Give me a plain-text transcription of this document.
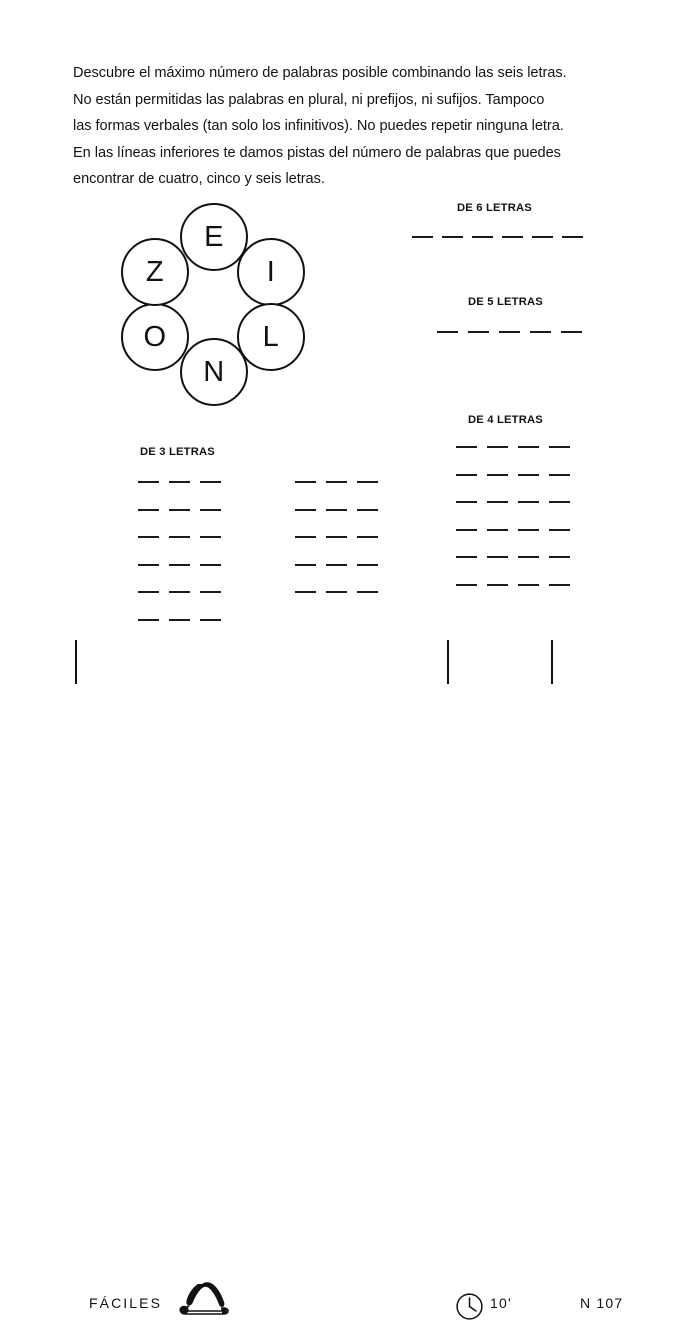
Descubre el máximo número de palabras posible combinando las seis letras.

No están permitidas las palabras en plural, ni prefijos, ni sufijos. Tampoco

las formas verbales (tan solo los infinitivos). No puedes repetir ninguna letra.

En las líneas inferiores te damos pistas del número de palabras que puedes

encontrar de cuatro, cinco y seis letras.

E
I
L
N
O
Z
DE 6 LETRAS
DE 5 LETRAS
DE 4 LETRAS
DE 3 LETRAS
FÁCILES	10'	N 107
